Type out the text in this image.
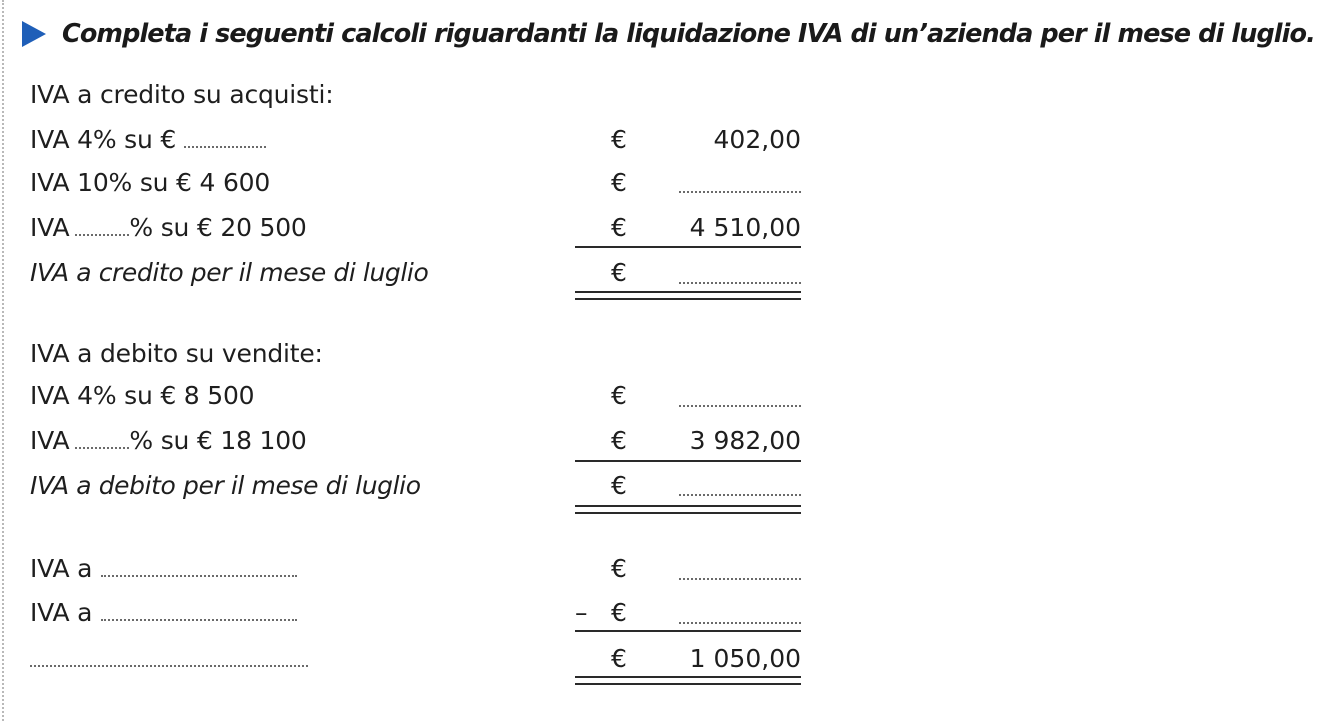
Completa i seguenti calcoli riguardanti la liquidazione IVA di un’azienda per il mese di luglio.
IVA a credito su acquisti:
IVA 4% su €	€	402,00
IVA 10% su € 4 600	€
IVA % su € 20 500	€	4 510,00
IVA a credito per il mese di luglio	€
IVA a debito su vendite:
IVA 4% su € 8 500	€
IVA % su € 18 100	€	3 982,00
IVA a debito per il mese di luglio	€
IVA a	€
IVA a	– €
€	1 050,00
